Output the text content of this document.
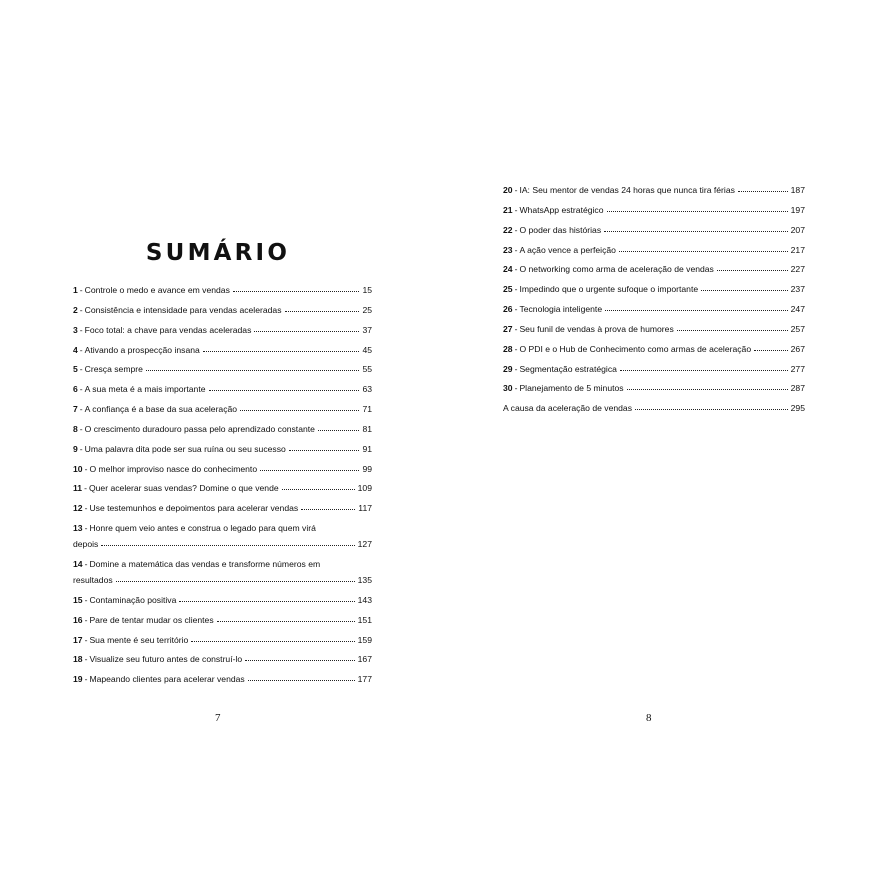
SUMÁRIO
1 - Controle o medo e avance em vendas	15
2 - Consistência e intensidade para vendas aceleradas	25
3 - Foco total: a chave para vendas aceleradas	37
4 - Ativando a prospecção insana	45
5 - Cresça sempre	55
6 - A sua meta é a mais importante	63
7 - A confiança é a base da sua aceleração	71
8 - O crescimento duradouro passa pelo aprendizado constante	81
9 - Uma palavra dita pode ser sua ruína ou seu sucesso	91
10 - O melhor improviso nasce do conhecimento	99
11 - Quer acelerar suas vendas? Domine o que vende	109
12 - Use testemunhos e depoimentos para acelerar vendas	117
13 - Honre quem veio antes e construa o legado para quem virá
depois	127
14 - Domine a matemática das vendas e transforme números em
resultados	135
15 - Contaminação positiva	143
16 - Pare de tentar mudar os clientes	151
17 - Sua mente é seu território	159
18 - Visualize seu futuro antes de construí-lo	167
19 - Mapeando clientes para acelerar vendas	177
7
20 - IA: Seu mentor de vendas 24 horas que nunca tira férias	187
21 - WhatsApp estratégico	197
22 - O poder das histórias	207
23 - A ação vence a perfeição	217
24 - O networking como arma de aceleração de vendas	227
25 - Impedindo que o urgente sufoque o importante	237
26 - Tecnologia inteligente	247
27 - Seu funil de vendas à prova de humores	257
28 - O PDI e o Hub de Conhecimento como armas de aceleração	267
29 - Segmentação estratégica	277
30 - Planejamento de 5 minutos	287
A causa da aceleração de vendas	295
8
